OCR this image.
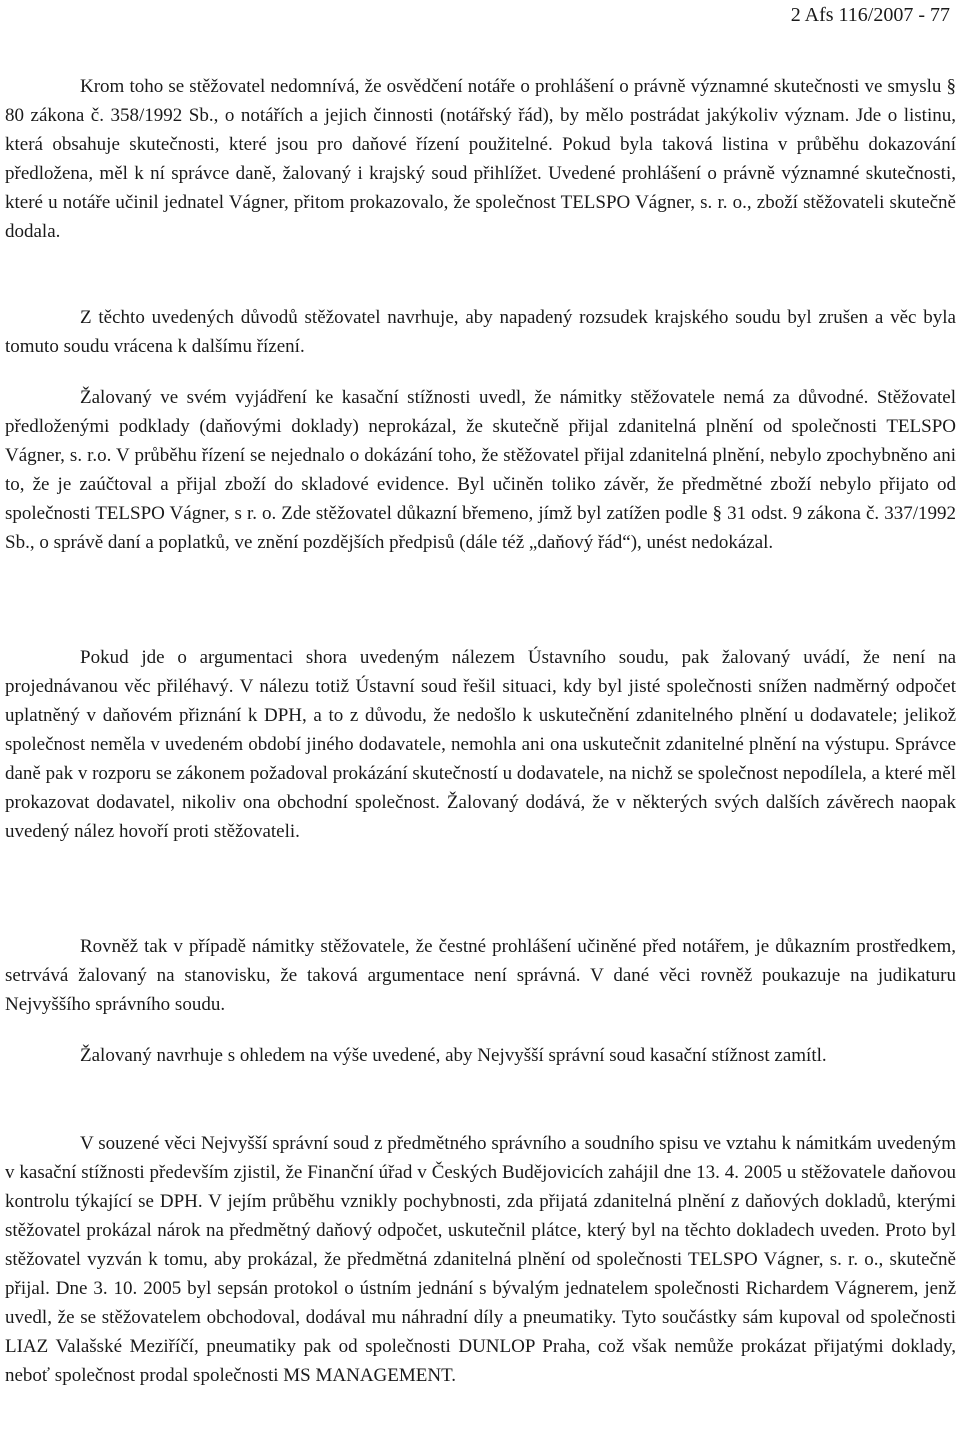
2 Afs 116/2007 - 77

Krom toho se stěžovatel nedomnívá, že osvědčení notáře o prohlášení o právně významné skutečnosti ve smyslu § 80 zákona č. 358/1992 Sb., o notářích a jejich činnosti (notářský řád), by mělo postrádat jakýkoliv význam. Jde o listinu, která obsahuje skutečnosti, které jsou pro daňové řízení použitelné. Pokud byla taková listina v průběhu dokazování předložena, měl k ní správce daně, žalovaný i krajský soud přihlížet. Uvedené prohlášení o právně významné skutečnosti, které u notáře učinil jednatel Vágner, přitom prokazovalo, že společnost TELSPO Vágner, s. r. o., zboží stěžovateli skutečně dodala.

Z těchto uvedených důvodů stěžovatel navrhuje, aby napadený rozsudek krajského soudu byl zrušen a věc byla tomuto soudu vrácena k dalšímu řízení.

Žalovaný ve svém vyjádření ke kasační stížnosti uvedl, že námitky stěžovatele nemá za důvodné. Stěžovatel předloženými podklady (daňovými doklady) neprokázal, že skutečně přijal zdanitelná plnění od společnosti TELSPO Vágner, s. r.o. V průběhu řízení se nejednalo o dokázání toho, že stěžovatel přijal zdanitelná plnění, nebylo zpochybněno ani to, že je zaúčtoval a přijal zboží do skladové evidence. Byl učiněn toliko závěr, že předmětné zboží nebylo přijato od společnosti TELSPO Vágner, s r. o. Zde stěžovatel důkazní břemeno, jímž byl zatížen podle § 31 odst. 9 zákona č. 337/1992 Sb., o správě daní a poplatků, ve znění pozdějších předpisů (dále též „daňový řád“), unést nedokázal.

Pokud jde o argumentaci shora uvedeným nálezem Ústavního soudu, pak žalovaný uvádí, že není na projednávanou věc přiléhavý. V nálezu totiž Ústavní soud řešil situaci, kdy byl jisté společnosti snížen nadměrný odpočet uplatněný v daňovém přiznání k DPH, a to z důvodu, že nedošlo k uskutečnění zdanitelného plnění u dodavatele; jelikož společnost neměla v uvedeném období jiného dodavatele, nemohla ani ona uskutečnit zdanitelné plnění na výstupu. Správce daně pak v rozporu se zákonem požadoval prokázání skutečností u dodavatele, na nichž se společnost nepodílela, a které měl prokazovat dodavatel, nikoliv ona obchodní společnost. Žalovaný dodává, že v některých svých dalších závěrech naopak uvedený nález hovoří proti stěžovateli.

Rovněž tak v případě námitky stěžovatele, že čestné prohlášení učiněné před notářem, je důkazním prostředkem, setrvává žalovaný na stanovisku, že taková argumentace není správná. V dané věci rovněž poukazuje na judikaturu Nejvyššího správního soudu.

Žalovaný navrhuje s ohledem na výše uvedené, aby Nejvyšší správní soud kasační stížnost zamítl.

V souzené věci Nejvyšší správní soud z předmětného správního a soudního spisu ve vztahu k námitkám uvedeným v kasační stížnosti především zjistil, že Finanční úřad v Českých Budějovicích zahájil dne 13. 4. 2005 u stěžovatele daňovou kontrolu týkající se DPH. V jejím průběhu vznikly pochybnosti, zda přijatá zdanitelná plnění z daňových dokladů, kterými stěžovatel prokázal nárok na předmětný daňový odpočet, uskutečnil plátce, který byl na těchto dokladech uveden. Proto byl stěžovatel vyzván k tomu, aby prokázal, že předmětná zdanitelná plnění od společnosti TELSPO Vágner, s. r. o., skutečně přijal. Dne 3. 10. 2005 byl sepsán protokol o ústním jednání s bývalým jednatelem společnosti Richardem Vágnerem, jenž uvedl, že se stěžovatelem obchodoval, dodával mu náhradní díly a pneumatiky. Tyto součástky sám kupoval od společnosti LIAZ Valašské Meziříčí, pneumatiky pak od společnosti DUNLOP Praha, což však nemůže prokázat přijatými doklady, neboť společnost prodal společnosti MS MANAGEMENT.
